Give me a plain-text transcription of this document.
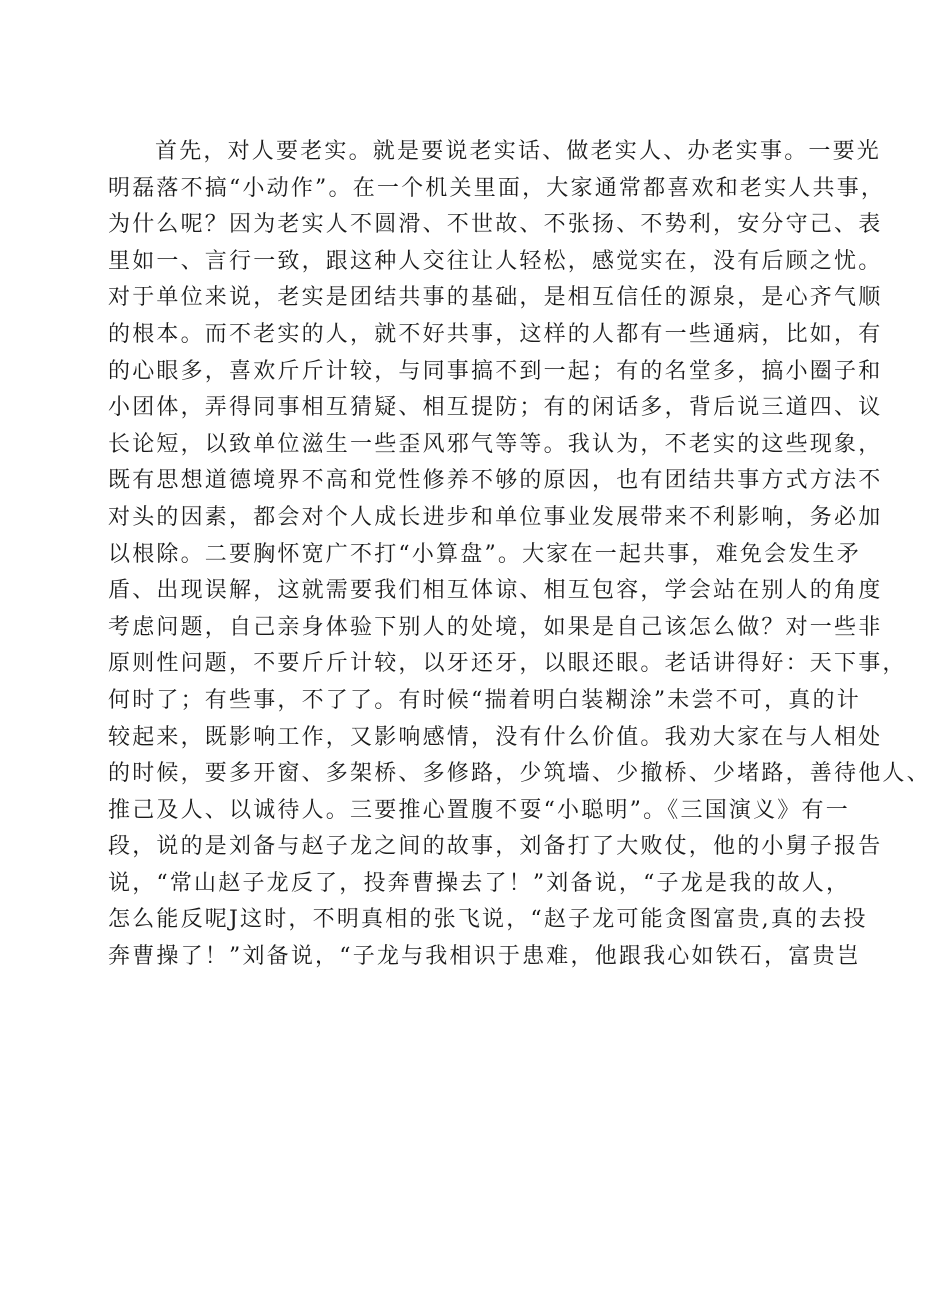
首先，对人要老实。就是要说老实话、做老实人、办老实事。一要光
明磊落不搞“小动作”。在一个机关里面，大家通常都喜欢和老实人共事，
为什么呢？因为老实人不圆滑、不世故、不张扬、不势利，安分守己、表
里如一、言行一致，跟这种人交往让人轻松，感觉实在，没有后顾之忧。
对于单位来说，老实是团结共事的基础，是相互信任的源泉，是心齐气顺
的根本。而不老实的人，就不好共事，这样的人都有一些通病，比如，有
的心眼多，喜欢斤斤计较，与同事搞不到一起；有的名堂多，搞小圈子和
小团体，弄得同事相互猜疑、相互提防；有的闲话多，背后说三道四、议
长论短，以致单位滋生一些歪风邪气等等。我认为，不老实的这些现象，
既有思想道德境界不高和党性修养不够的原因，也有团结共事方式方法不
对头的因素，都会对个人成长进步和单位事业发展带来不利影响，务必加
以根除。二要胸怀宽广不打“小算盘”。大家在一起共事，难免会发生矛
盾、出现误解，这就需要我们相互体谅、相互包容，学会站在别人的角度
考虑问题，自己亲身体验下别人的处境，如果是自己该怎么做？对一些非
原则性问题，不要斤斤计较，以牙还牙，以眼还眼。老话讲得好：天下事，
何时了；有些事，不了了。有时候“揣着明白装糊涂”未尝不可，真的计
较起来，既影响工作，又影响感情，没有什么价值。我劝大家在与人相处
的时候，要多开窗、多架桥、多修路，少筑墙、少撤桥、少堵路，善待他人、
推己及人、以诚待人。三要推心置腹不耍“小聪明”。《三国演义》有一
段，说的是刘备与赵子龙之间的故事，刘备打了大败仗，他的小舅子报告
说，“常山赵子龙反了，投奔曹操去了！”刘备说，“子龙是我的故人，
怎么能反呢J这时，不明真相的张飞说，“赵子龙可能贪图富贵,真的去投
奔曹操了！”刘备说，“子龙与我相识于患难，他跟我心如铁石，富贵岂
